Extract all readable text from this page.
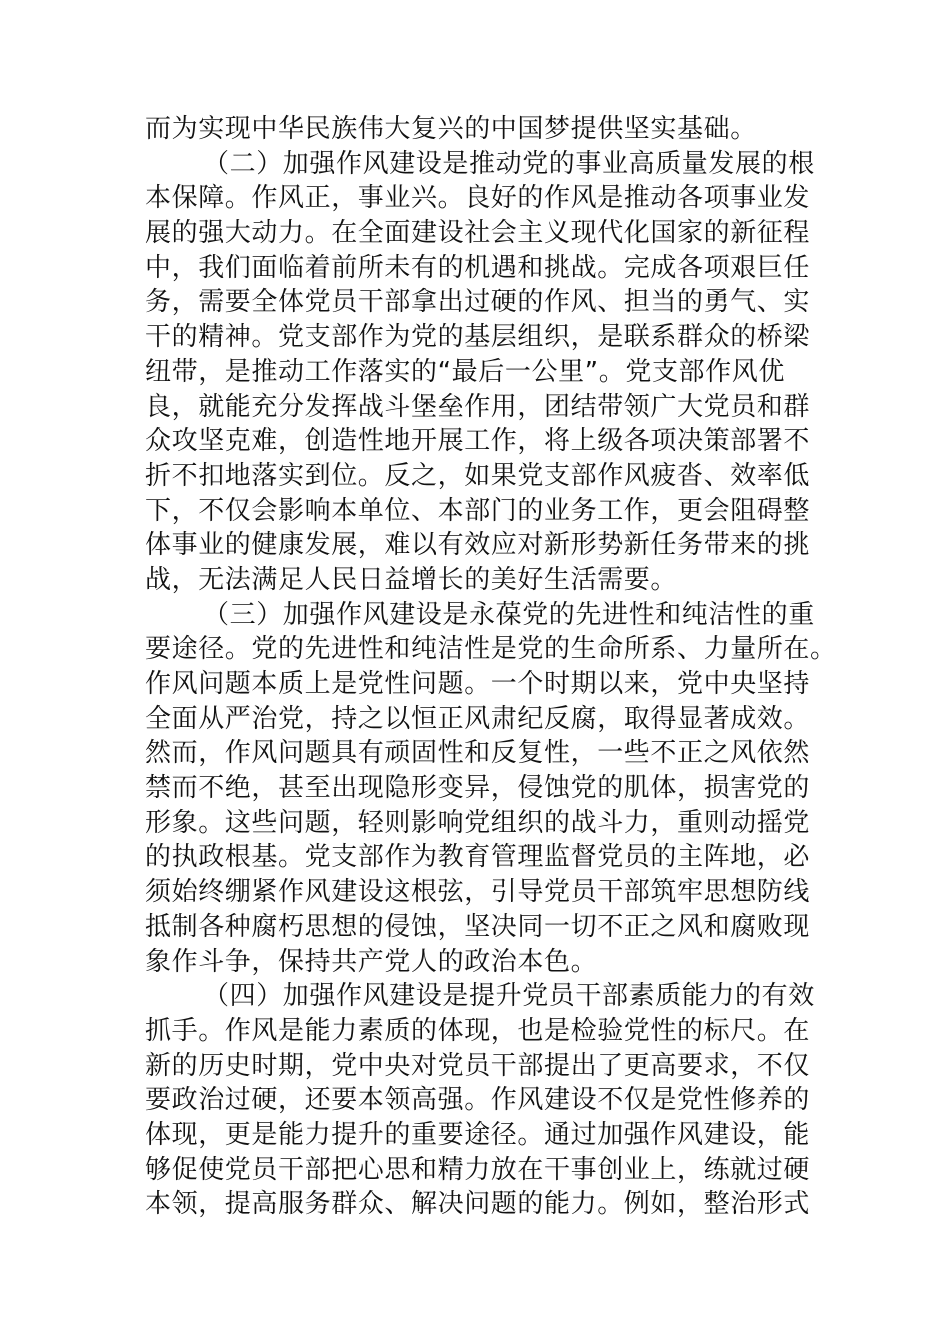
而为实现中华民族伟大复兴的中国梦提供坚实基础。
（二）加强作风建设是推动党的事业高质量发展的根
本保障。作风正，事业兴。良好的作风是推动各项事业发
展的强大动力。在全面建设社会主义现代化国家的新征程
中，我们面临着前所未有的机遇和挑战。完成各项艰巨任
务，需要全体党员干部拿出过硬的作风、担当的勇气、实
干的精神。党支部作为党的基层组织，是联系群众的桥梁
纽带，是推动工作落实的“最后一公里”。党支部作风优
良，就能充分发挥战斗堡垒作用，团结带领广大党员和群
众攻坚克难，创造性地开展工作，将上级各项决策部署不
折不扣地落实到位。反之，如果党支部作风疲沓、效率低
下，不仅会影响本单位、本部门的业务工作，更会阻碍整
体事业的健康发展，难以有效应对新形势新任务带来的挑
战，无法满足人民日益增长的美好生活需要。
（三）加强作风建设是永葆党的先进性和纯洁性的重
要途径。党的先进性和纯洁性是党的生命所系、力量所在。
作风问题本质上是党性问题。一个时期以来，党中央坚持
全面从严治党，持之以恒正风肃纪反腐，取得显著成效。
然而，作风问题具有顽固性和反复性，一些不正之风依然
禁而不绝，甚至出现隐形变异，侵蚀党的肌体，损害党的
形象。这些问题，轻则影响党组织的战斗力，重则动摇党
的执政根基。党支部作为教育管理监督党员的主阵地，必
须始终绷紧作风建设这根弦，引导党员干部筑牢思想防线
抵制各种腐朽思想的侵蚀，坚决同一切不正之风和腐败现
象作斗争，保持共产党人的政治本色。
（四）加强作风建设是提升党员干部素质能力的有效
抓手。作风是能力素质的体现，也是检验党性的标尺。在
新的历史时期，党中央对党员干部提出了更高要求，不仅
要政治过硬，还要本领高强。作风建设不仅是党性修养的
体现，更是能力提升的重要途径。通过加强作风建设，能
够促使党员干部把心思和精力放在干事创业上，练就过硬
本领，提高服务群众、解决问题的能力。例如，整治形式
